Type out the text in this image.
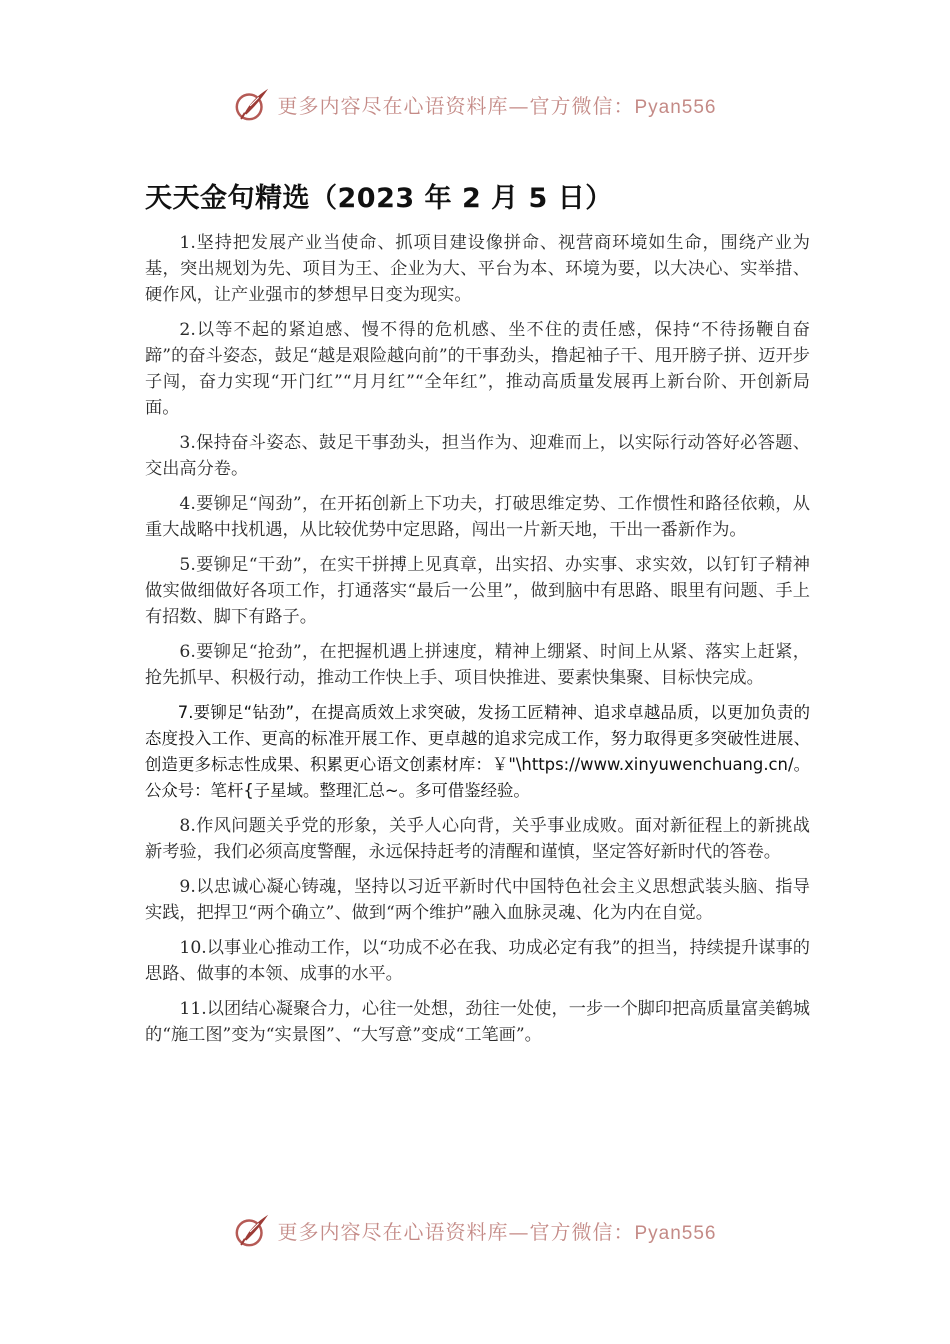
更多内容尽在心语资料库—官方微信：Pyan556
天天金句精选（2023 年 2 月 5 日）

1.坚持把发展产业当使命、抓项目建设像拼命、视营商环境如生命，围绕产业为基，突出规划为先、项目为王、企业为大、平台为本、环境为要，以大决心、实举措、硬作风，让产业强市的梦想早日变为现实。

2.以等不起的紧迫感、慢不得的危机感、坐不住的责任感，保持“不待扬鞭自奋蹄”的奋斗姿态，鼓足“越是艰险越向前”的干事劲头，撸起袖子干、甩开膀子拼、迈开步子闯，奋力实现“开门红”“月月红”“全年红”，推动高质量发展再上新台阶、开创新局面。

3.保持奋斗姿态、鼓足干事劲头，担当作为、迎难而上，以实际行动答好必答题、交出高分卷。

4.要铆足“闯劲”，在开拓创新上下功夫，打破思维定势、工作惯性和路径依赖，从重大战略中找机遇，从比较优势中定思路，闯出一片新天地，干出一番新作为。

5.要铆足“干劲”，在实干拼搏上见真章，出实招、办实事、求实效，以钉钉子精神做实做细做好各项工作，打通落实“最后一公里”，做到脑中有思路、眼里有问题、手上有招数、脚下有路子。

6.要铆足“抢劲”，在把握机遇上拼速度，精神上绷紧、时间上从紧、落实上赶紧，抢先抓早、积极行动，推动工作快上手、项目快推进、要素快集聚、目标快完成。

7.要铆足“钻劲”，在提高质效上求突破，发扬工匠精神、追求卓越品质，以更加负责的态度投入工作、更高的标准开展工作、更卓越的追求完成工作，努力取得更多突破性进展、创造更多标志性成果、积累更心语文创素材库：￥"\https://www.xinyuwenchuang.cn/。公众号：笔杆{子星域。整理汇总~。多可借鉴经验。

8.作风问题关乎党的形象，关乎人心向背，关乎事业成败。面对新征程上的新挑战新考验，我们必须高度警醒，永远保持赶考的清醒和谨慎，坚定答好新时代的答卷。

9.以忠诚心凝心铸魂，坚持以习近平新时代中国特色社会主义思想武装头脑、指导实践，把捍卫“两个确立”、做到“两个维护”融入血脉灵魂、化为内在自觉。

10.以事业心推动工作，以“功成不必在我、功成必定有我”的担当，持续提升谋事的思路、做事的本领、成事的水平。

11.以团结心凝聚合力，心往一处想，劲往一处使，一步一个脚印把高质量富美鹤城的“施工图”变为“实景图”、“大写意”变成“工笔画”。

更多内容尽在心语资料库—官方微信：Pyan556
